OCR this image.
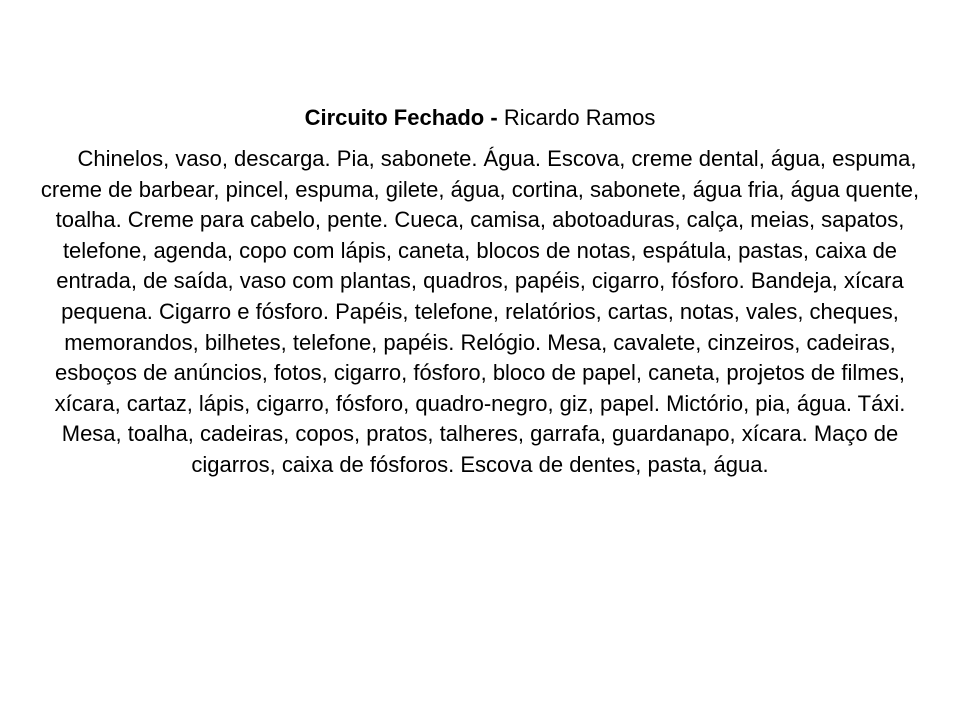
Circuito Fechado - Ricardo Ramos

Chinelos, vaso, descarga. Pia, sabonete. Água. Escova, creme dental, água, espuma, creme de barbear, pincel, espuma, gilete, água, cortina, sabonete, água fria, água quente, toalha. Creme para cabelo, pente. Cueca, camisa, abotoaduras, calça, meias, sapatos, telefone, agenda, copo com lápis, caneta, blocos de notas, espátula, pastas, caixa de entrada, de saída, vaso com plantas, quadros, papéis, cigarro, fósforo. Bandeja, xícara pequena. Cigarro e fósforo. Papéis, telefone, relatórios, cartas, notas, vales, cheques, memorandos, bilhetes, telefone, papéis. Relógio. Mesa, cavalete, cinzeiros, cadeiras, esboços de anúncios, fotos, cigarro, fósforo, bloco de papel, caneta, projetos de filmes, xícara, cartaz, lápis, cigarro, fósforo, quadro-negro, giz, papel. Mictório, pia, água. Táxi. Mesa, toalha, cadeiras, copos, pratos, talheres, garrafa, guardanapo, xícara. Maço de cigarros, caixa de fósforos. Escova de dentes, pasta, água.
